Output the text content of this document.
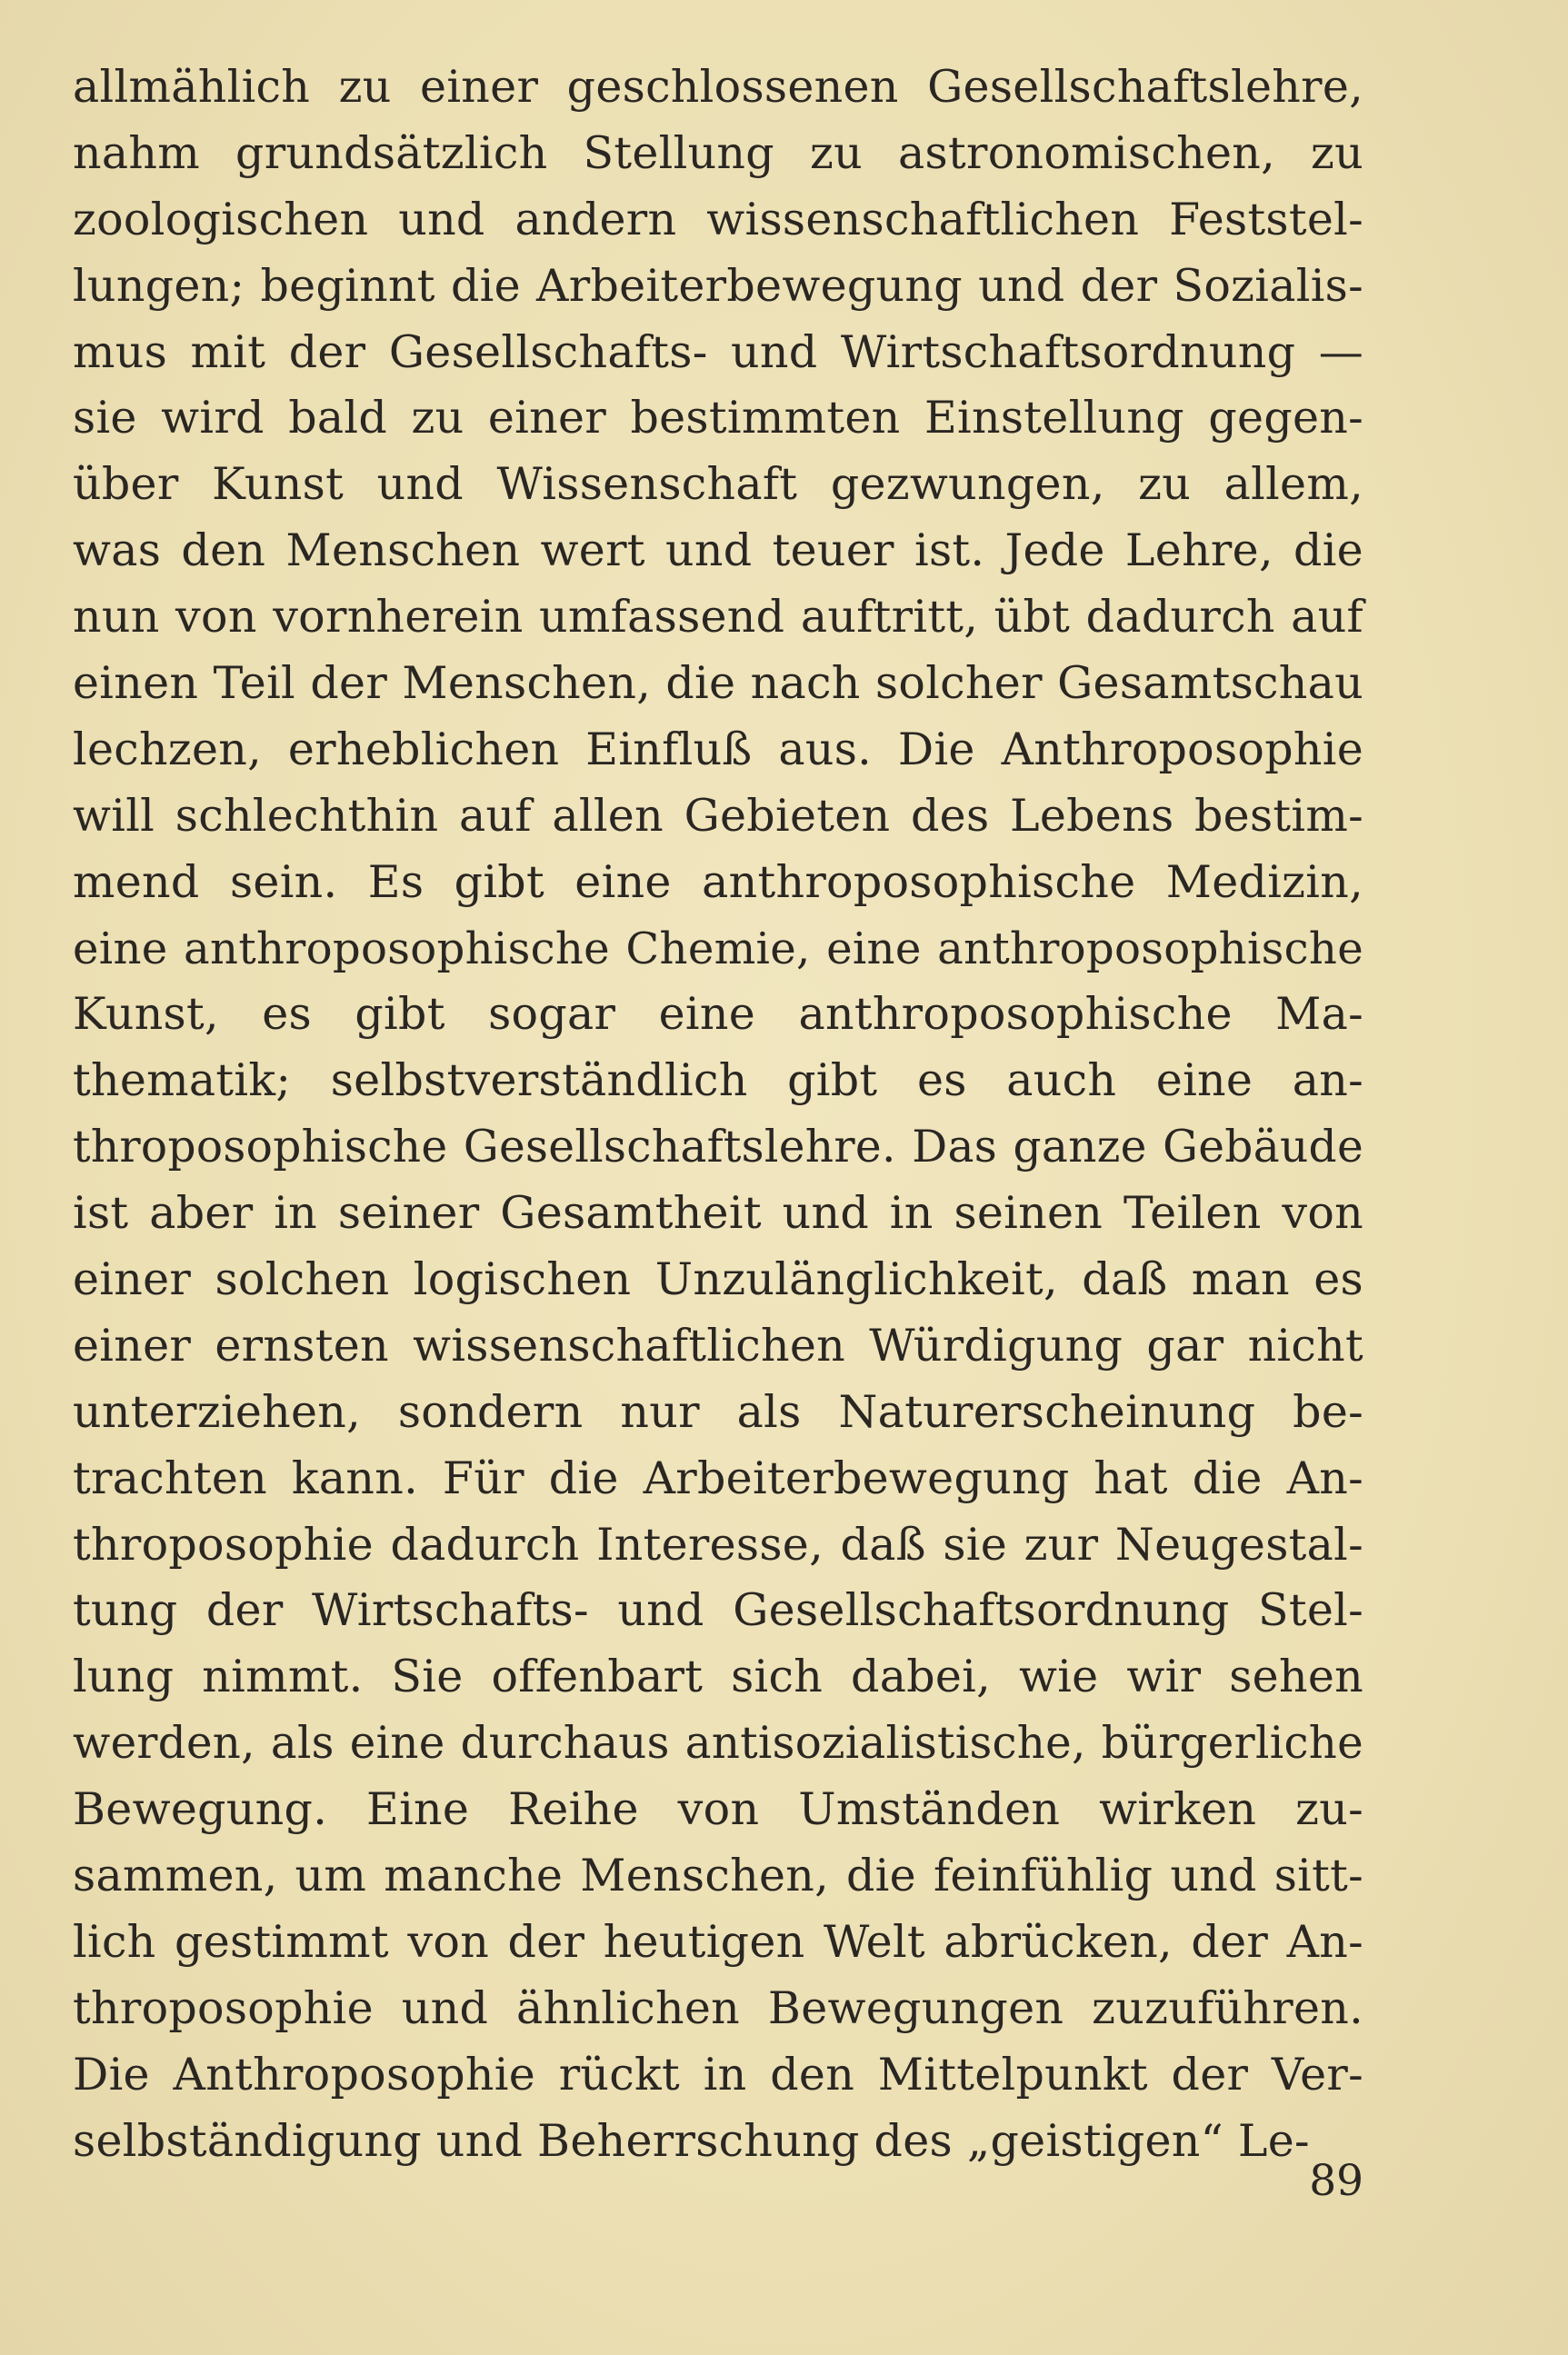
allmählich zu einer geschlossenen Gesellschaftslehre,
nahm grundsätzlich Stellung zu astronomischen, zu
zoologischen und andern wissenschaftlichen Feststel-
lungen; beginnt die Arbeiterbewegung und der Sozialis-
mus mit der Gesellschafts- und Wirtschaftsordnung —
sie wird bald zu einer bestimmten Einstellung gegen-
über Kunst und Wissenschaft gezwungen, zu allem,
was den Menschen wert und teuer ist. Jede Lehre, die
nun von vornherein umfassend auftritt, übt dadurch auf
einen Teil der Menschen, die nach solcher Gesamtschau
lechzen, erheblichen Einfluß aus. Die Anthroposophie
will schlechthin auf allen Gebieten des Lebens bestim-
mend sein. Es gibt eine anthroposophische Medizin,
eine anthroposophische Chemie, eine anthroposophische
Kunst, es gibt sogar eine anthroposophische Ma-
thematik; selbstverständlich gibt es auch eine an-
throposophische Gesellschaftslehre. Das ganze Gebäude
ist aber in seiner Gesamtheit und in seinen Teilen von
einer solchen logischen Unzulänglichkeit, daß man es
einer ernsten wissenschaftlichen Würdigung gar nicht
unterziehen, sondern nur als Naturerscheinung be-
trachten kann. Für die Arbeiterbewegung hat die An-
throposophie dadurch Interesse, daß sie zur Neugestal-
tung der Wirtschafts- und Gesellschaftsordnung Stel-
lung nimmt. Sie offenbart sich dabei, wie wir sehen
werden, als eine durchaus antisozialistische, bürgerliche
Bewegung. Eine Reihe von Umständen wirken zu-
sammen, um manche Menschen, die feinfühlig und sitt-
lich gestimmt von der heutigen Welt abrücken, der An-
throposophie und ähnlichen Bewegungen zuzuführen.
Die Anthroposophie rückt in den Mittelpunkt der Ver-
selbständigung und Beherrschung des „geistigen“ Le-
89
